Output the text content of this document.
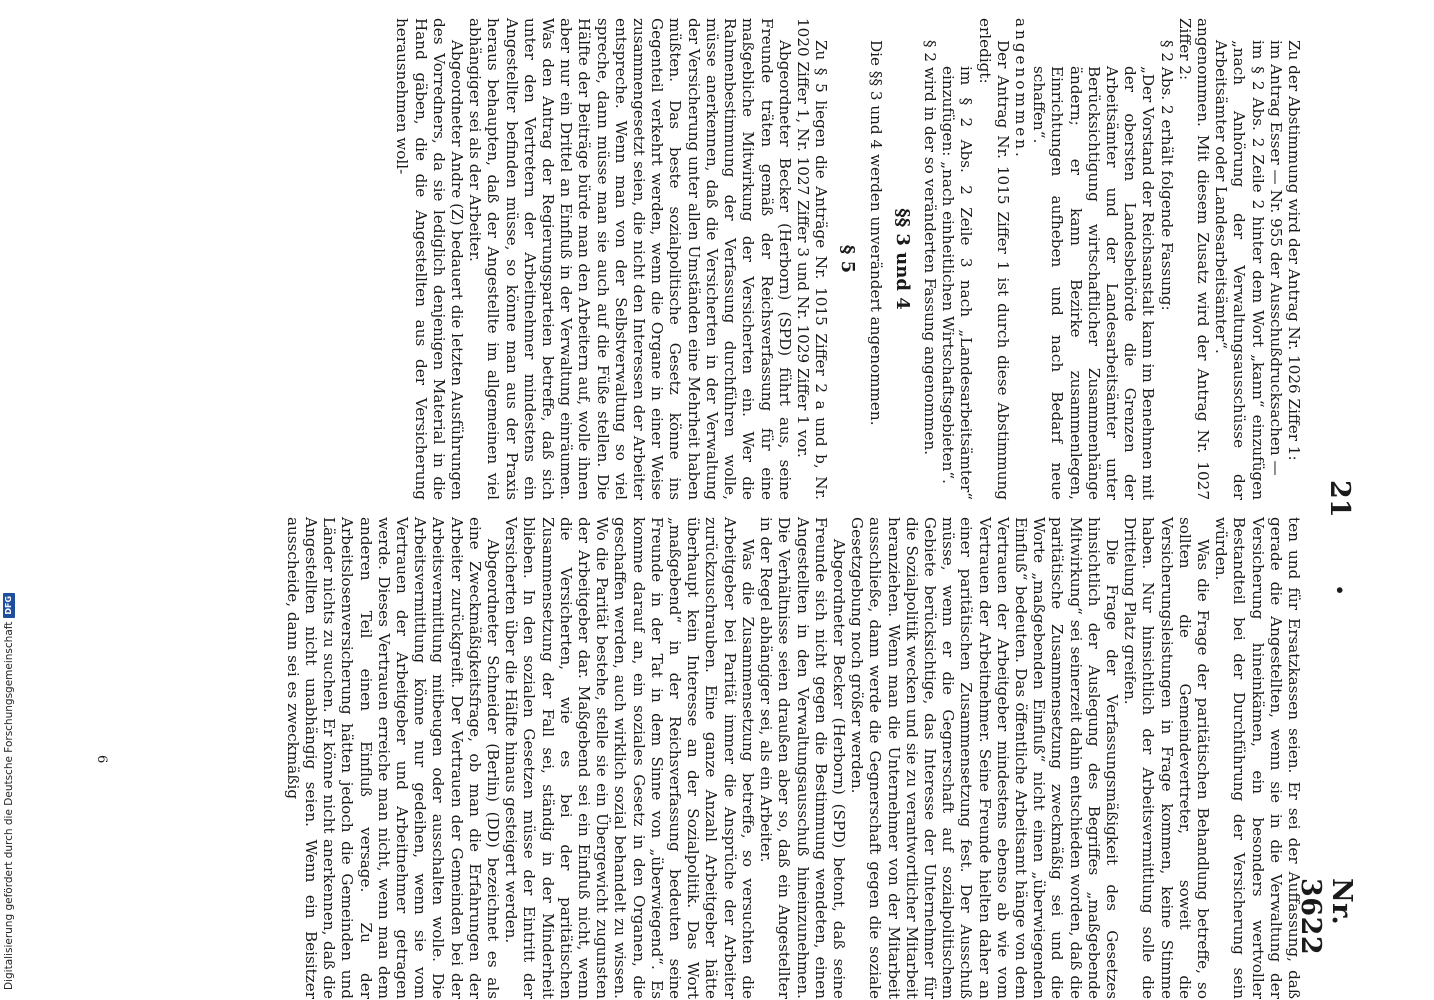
21
•
Nr. 3622

Zu der Abstimmung wird der Antrag Nr. 1026 Ziffer 1:

im Antrag Esser — Nr. 955 der Ausschußdrucksachen —

im § 2 Abs. 2 Zeile 2 hinter dem Wort „kann“ einzufügen „nach Anhörung der Verwaltungsausschüsse der Arbeitsämter oder Landesarbeitsämter“.

angenommen. Mit diesem Zusatz wird der Antrag Nr. 1027 Ziffer 2:

§ 2 Abs. 2 erhält folgende Fassung:

„Der Vorstand der Reichsanstalt kann im Benehmen mit der obersten Landesbehörde die Grenzen der Arbeitsämter und der Landesarbeitsämter unter Berücksichtigung wirtschaftlicher Zusammenhänge ändern; er kann Bezirke zusammenlegen, Einrichtungen aufheben und nach Bedarf neue schaffen“.

angenommen.

Der Antrag Nr. 1015 Ziffer 1 ist durch diese Abstimmung erledigt:

im § 2 Abs. 2 Zeile 3 nach „Landesarbeitsämter“ einzufügen: „nach einheitlichen Wirtschaftsgebieten“.

§ 2 wird in der so veränderten Fassung angenommen.

§§ 3 und 4

Die §§ 3 und 4 werden unverändert angenommen.

§ 5

Zu § 5 liegen die Anträge Nr. 1015 Ziffer 2 a und b, Nr. 1020 Ziffer 1, Nr. 1027 Ziffer 3 und Nr. 1029 Ziffer 1 vor.

Abgeordneter Becker (Herborn) (SPD) führt aus, seine Freunde träten gemäß der Reichsverfassung für eine maßgebliche Mitwirkung der Versicherten ein. Wer die Rahmenbestimmung der Verfassung durchführen wolle, müsse anerkennen, daß die Versicherten in der Verwaltung der Versicherung unter allen Umständen eine Mehrheit haben müßten. Das beste sozialpolitische Gesetz könne ins Gegenteil verkehrt werden, wenn die Organe in einer Weise zusammengesetzt seien, die nicht den Interessen der Arbeiter entspreche. Wenn man von der Selbstverwaltung so viel spreche, dann müsse man sie auch auf die Füße stellen. Die Hälfte der Beiträge bürde man den Arbeitern auf, wolle ihnen aber nur ein Drittel an Einfluß in der Verwaltung einräumen. Was den Antrag der Regierungsparteien betreffe, daß sich unter den Vertretern der Arbeitnehmer mindestens ein Angestellter befinden müsse, so könne man aus der Praxis heraus behaupten, daß der Angestellte im allgemeinen viel abhängiger sei als der Arbeiter.

Abgeordneter Andre (Z) bedauert die letzten Ausführungen des Vorredners, da sie lediglich denjenigen Material in die Hand gäben, die die Angestellten aus der Versicherung herausnehmen woll-

ten und für Ersatzkassen seien. Er sei der Auffassung, daß gerade die Angestellten, wenn sie in die Verwaltung der Versicherung hineinkämen, ein besonders wertvoller Bestandteil bei der Durchführung der Versicherung sein würden.

Was die Frage der paritätischen Behandlung betreffe, so sollten die Gemeindevertreter, soweit die Versicherungsleistungen in Frage kommen, keine Stimme haben. Nur hinsichtlich der Arbeitsvermittlung solle die Drittelung Platz greifen.

Die Frage der Verfassungsmäßigkeit des Gesetzes hinsichtlich der Auslegung des Begriffes „maßgebende Mitwirkung“ sei seinerzeit dahin entschieden worden, daß die paritätische Zusammensetzung zweckmäßig sei und die Worte „maßgebenden Einfluß“ nicht einen „überwiegenden Einfluß“ bedeuten. Das öffentliche Arbeitsamt hänge von dem Vertrauen der Arbeitgeber mindestens ebenso ab wie vom Vertrauen der Arbeitnehmer. Seine Freunde hielten daher an einer paritätischen Zusammensetzung fest. Der Ausschuß müsse, wenn er die Gegnerschaft auf sozialpolitischem Gebiete berücksichtige, das Interesse der Unternehmer für die Sozialpolitik wecken und sie zu verantwortlicher Mitarbeit heranziehen. Wenn man die Unternehmer von der Mitarbeit ausschließe, dann werde die Gegnerschaft gegen die soziale Gesetzgebung noch größer werden.

Abgeordneter Becker (Herborn) (SPD) betont, daß seine Freunde sich nicht gegen die Bestimmung wendeten, einen Angestellten in den Verwaltungsausschuß hineinzunehmen. Die Verhältnisse seien draußen aber so, daß ein Angestellter in der Regel abhängiger sei, als ein Arbeiter.

Was die Zusammensetzung betreffe, so versuchten die Arbeitgeber bei Parität immer die Ansprüche der Arbeiter zurückzuschrauben. Eine ganze Anzahl Arbeitgeber hätte überhaupt kein Interesse an der Sozialpolitik. Das Wort „maßgebend“ in der Reichsverfassung bedeuten seine Freunde in der Tat in dem Sinne von „überwiegend“. Es komme darauf an, ein soziales Gesetz in den Organen, die geschaffen werden, auch wirklich sozial behandelt zu wissen. Wo die Parität bestehe, stelle sie ein Übergewicht zugunsten der Arbeitgeber dar. Maßgebend sei ein Einfluß nicht, wenn die Versicherten, wie es bei der paritätischen Zusammensetzung der Fall sei, ständig in der Minderheit blieben. In den sozialen Gesetzen müsse der Eintritt der Versicherten über die Hälfte hinaus gesteigert werden.

Abgeordneter Schneider (Berlin) (DD) bezeichnet es als eine Zweckmäßigkeitsfrage, ob man die Erfahrungen der Arbeiter zurückgreift. Der Vertrauen der Gemeinden bei der Arbeitsvermittlung mitbeugen oder ausschalten wolle. Die Arbeitsvermittlung könne nur gedeihen, wenn sie vom Vertrauen der Arbeitgeber und Arbeitnehmer getragen werde. Dieses Vertrauen erreiche man nicht, wenn man dem anderen Teil einen Einfluß versage. Zu der Arbeitslosenversicherung hätten jedoch die Gemeinden und Länder nichts zu suchen. Er könne nicht anerkennen, daß die Angestellten nicht unabhängig seien. Wenn ein Beisitzer ausscheide, dann sei es zweckmäßig

6
Digitalisierung gefördert durch die Deutsche Forschungsgemeinschaft
DFG
